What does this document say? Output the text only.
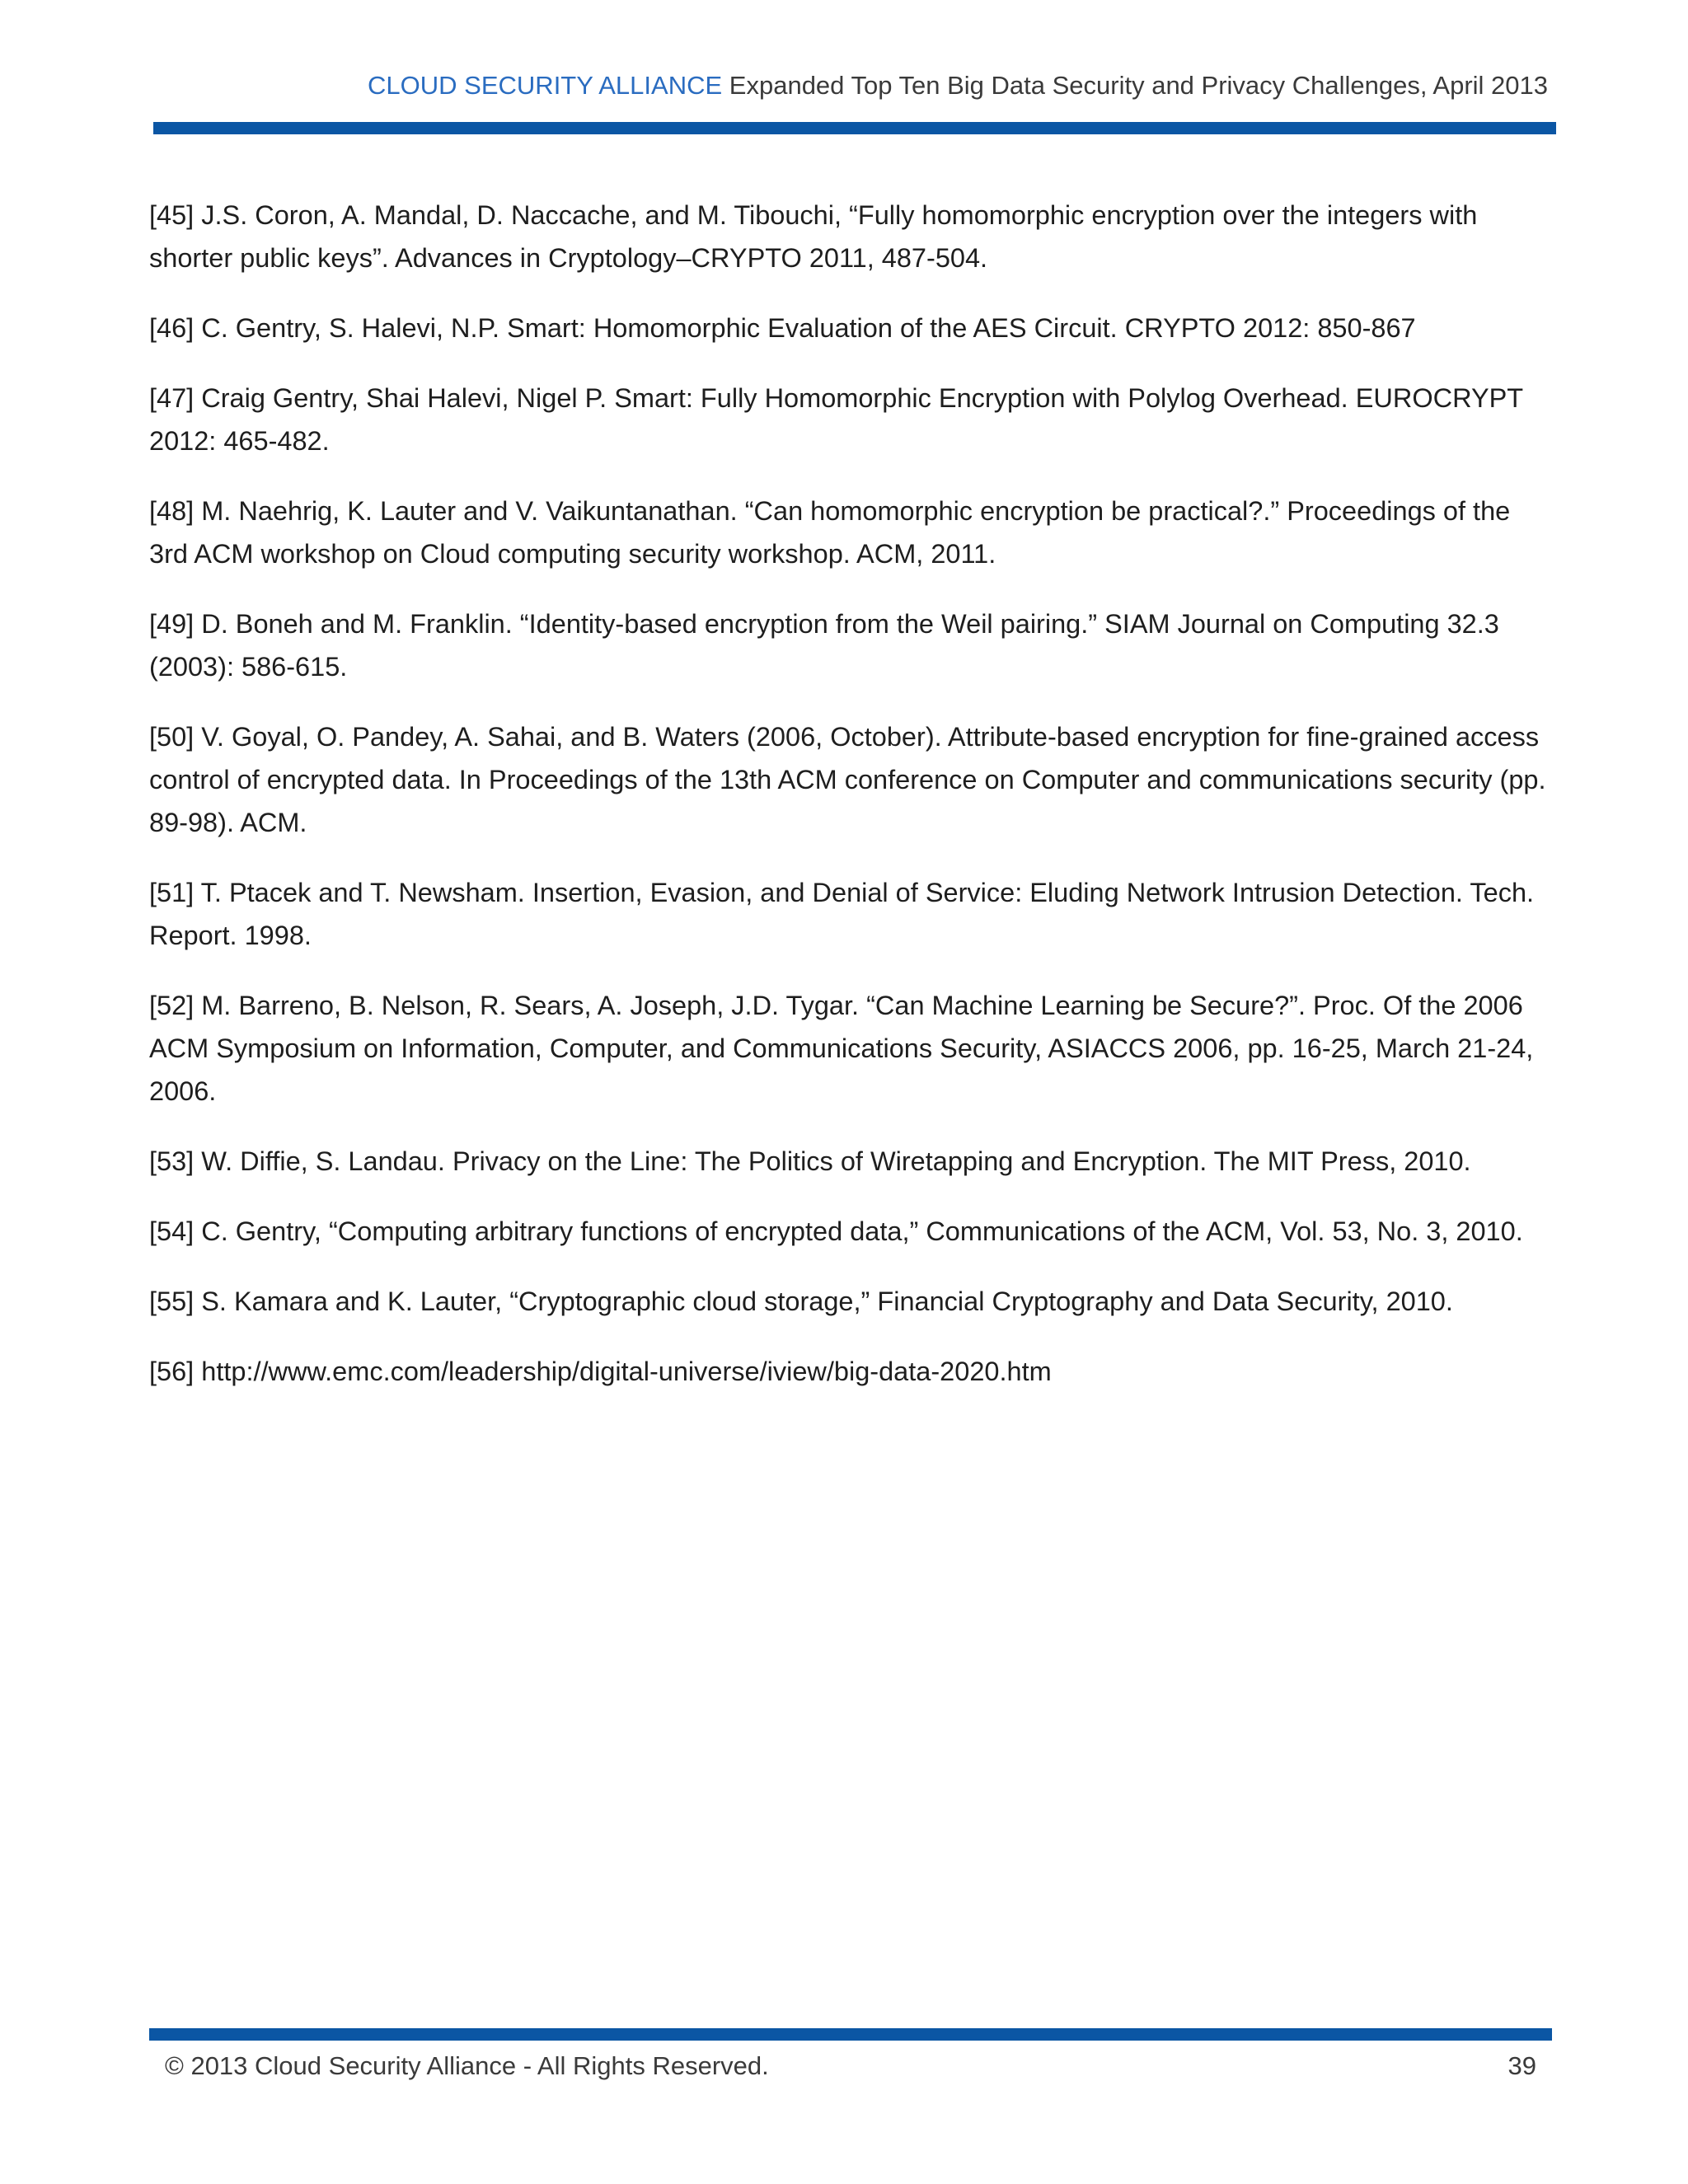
CLOUD SECURITY ALLIANCE Expanded Top Ten Big Data Security and Privacy Challenges, April 2013
[45] J.S. Coron, A. Mandal, D. Naccache, and M. Tibouchi, “Fully homomorphic encryption over the integers with shorter public keys”. Advances in Cryptology–CRYPTO 2011, 487-504.
[46] C. Gentry, S. Halevi, N.P. Smart: Homomorphic Evaluation of the AES Circuit. CRYPTO 2012: 850-867
[47] Craig Gentry, Shai Halevi, Nigel P. Smart: Fully Homomorphic Encryption with Polylog Overhead. EUROCRYPT 2012: 465-482.
[48] M. Naehrig, K. Lauter and V. Vaikuntanathan. “Can homomorphic encryption be practical?.” Proceedings of the 3rd ACM workshop on Cloud computing security workshop. ACM, 2011.
[49] D. Boneh and M. Franklin. “Identity-based encryption from the Weil pairing.” SIAM Journal on Computing 32.3 (2003): 586-615.
[50] V. Goyal, O. Pandey, A. Sahai, and B. Waters (2006, October). Attribute-based encryption for fine-grained access control of encrypted data. In Proceedings of the 13th ACM conference on Computer and communications security (pp. 89-98). ACM.
[51] T. Ptacek and T. Newsham. Insertion, Evasion, and Denial of Service: Eluding Network Intrusion Detection. Tech. Report. 1998.
[52] M. Barreno, B. Nelson, R. Sears, A. Joseph, J.D. Tygar. “Can Machine Learning be Secure?”. Proc. Of the 2006 ACM Symposium on Information, Computer, and Communications Security, ASIACCS 2006, pp. 16-25, March 21-24, 2006.
[53] W. Diffie, S. Landau. Privacy on the Line: The Politics of Wiretapping and Encryption. The MIT Press, 2010.
[54] C. Gentry, “Computing arbitrary functions of encrypted data,” Communications of the ACM, Vol. 53, No. 3, 2010.
[55] S. Kamara and K. Lauter, “Cryptographic cloud storage,” Financial Cryptography and Data Security, 2010.
[56] http://www.emc.com/leadership/digital-universe/iview/big-data-2020.htm
© 2013 Cloud Security Alliance - All Rights Reserved.	39
